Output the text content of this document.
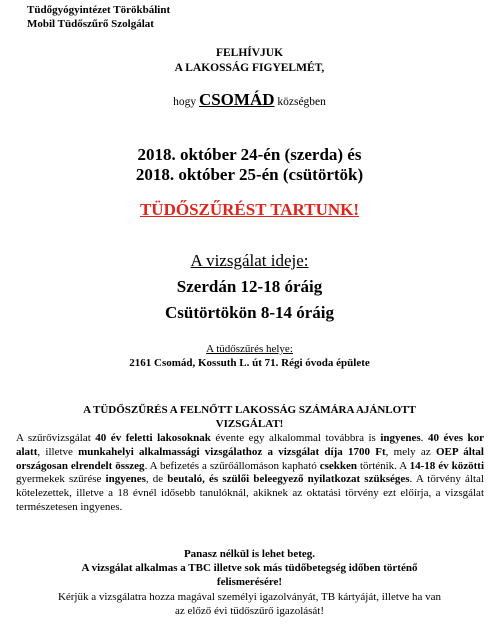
Tüdőgyógyintézet Törökbálint
Mobil Tüdőszűrő Szolgálat
FELHÍVJUK
A LAKOSSÁG FIGYELMÉT,
hogy CSOMÁD községben
2018. október 24-én (szerda) és
2018. október 25-én (csütörtök)
TÜDŐSZŰRÉST TARTUNK!
A vizsgálat ideje:
Szerdán 12-18 óráig
Csütörtökön 8-14 óráig
A tüdőszűrés helye:
2161 Csomád, Kossuth L. út 71. Régi óvoda épülete
A TÜDŐSZŰRÉS A FELNŐTT LAKOSSÁG SZÁMÁRA AJÁNLOTT
VIZSGÁLAT!

A szűrővizsgálat 40 év feletti lakosoknak évente egy alkalommal továbbra is ingyenes. 40 éves kor alatt, illetve munkahelyi alkalmassági vizsgálathoz a vizsgálat díja 1700 Ft, mely az OEP által országosan elrendelt összeg. A befizetés a szűrőállomáson kapható csekken történik. A 14-18 év közötti gyermekek szűrése ingyenes, de beutaló, és szülői beleegyező nyilatkozat szükséges. A törvény által kötelezettek, illetve a 18 évnél idősebb tanulóknál, akiknek az oktatási törvény ezt előírja, a vizsgálat természetesen ingyenes.

Panasz nélkül is lehet beteg.
A vizsgálat alkalmas a TBC illetve sok más tüdőbetegség időben történő
felismerésére!
Kérjük a vizsgálatra hozza magával személyi igazolványát, TB kártyáját, illetve ha van
az előző évi tüdőszűrő igazolását!
